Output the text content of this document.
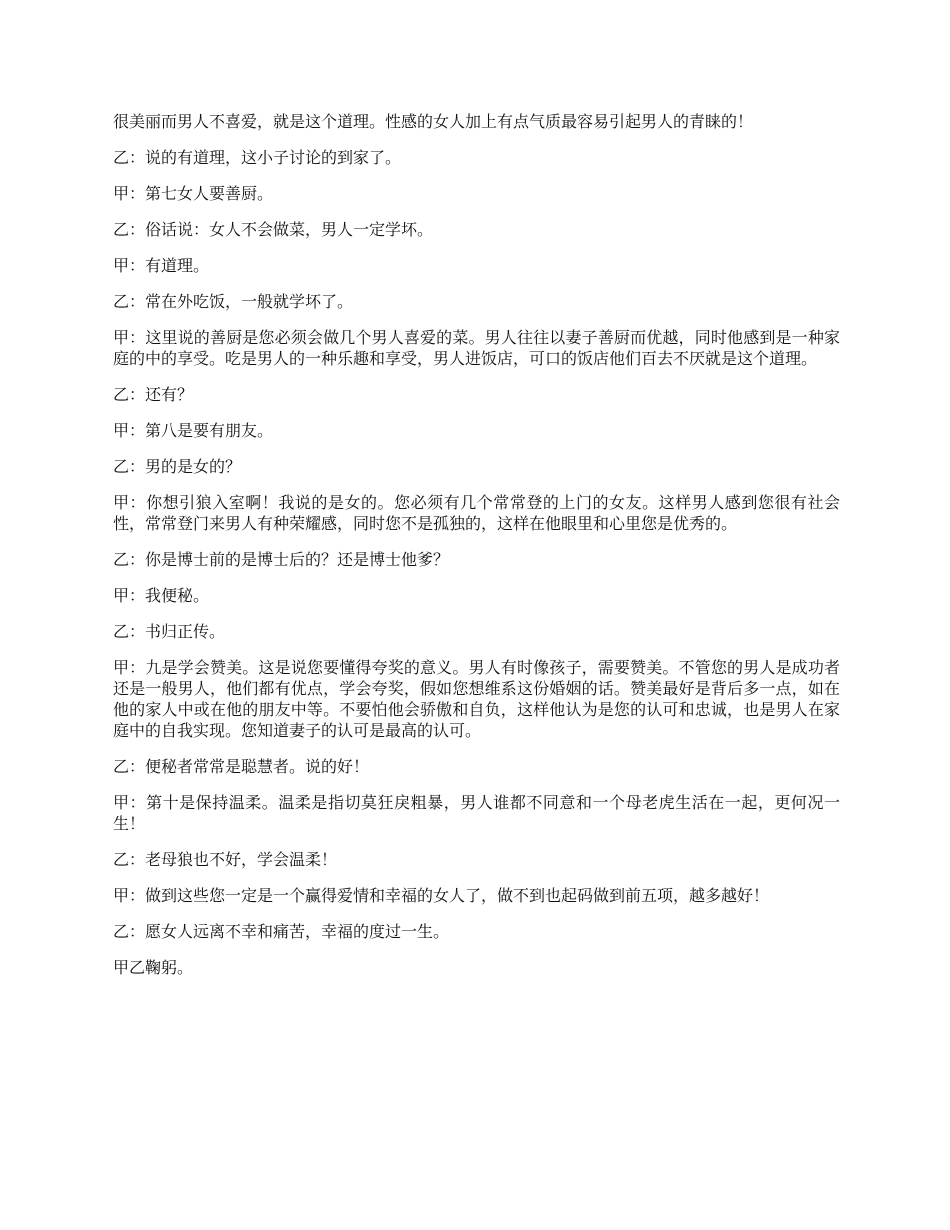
很美丽而男人不喜爱，就是这个道理。性感的女人加上有点气质最容易引起男人的青睐的！

乙：说的有道理，这小子讨论的到家了。

甲：第七女人要善厨。

乙：俗话说：女人不会做菜，男人一定学坏。

甲：有道理。

乙：常在外吃饭，一般就学坏了。

甲：这里说的善厨是您必须会做几个男人喜爱的菜。男人往往以妻子善厨而优越，同时他感到是一种家庭的中的享受。吃是男人的一种乐趣和享受，男人进饭店，可口的饭店他们百去不厌就是这个道理。

乙：还有？

甲：第八是要有朋友。

乙：男的是女的？

甲：你想引狼入室啊！我说的是女的。您必须有几个常常登的上门的女友。这样男人感到您很有社会性，常常登门来男人有种荣耀感，同时您不是孤独的，这样在他眼里和心里您是优秀的。

乙：你是博士前的是博士后的？还是博士他爹？

甲：我便秘。

乙：书归正传。

甲：九是学会赞美。这是说您要懂得夸奖的意义。男人有时像孩子，需要赞美。不管您的男人是成功者还是一般男人，他们都有优点，学会夸奖，假如您想维系这份婚姻的话。赞美最好是背后多一点，如在他的家人中或在他的朋友中等。不要怕他会骄傲和自负，这样他认为是您的认可和忠诚，也是男人在家庭中的自我实现。您知道妻子的认可是最高的认可。

乙：便秘者常常是聪慧者。说的好！

甲：第十是保持温柔。温柔是指切莫狂戾粗暴，男人谁都不同意和一个母老虎生活在一起，更何况一生！

乙：老母狼也不好，学会温柔！

甲：做到这些您一定是一个赢得爱情和幸福的女人了，做不到也起码做到前五项，越多越好！

乙：愿女人远离不幸和痛苦，幸福的度过一生。

甲乙鞠躬。
